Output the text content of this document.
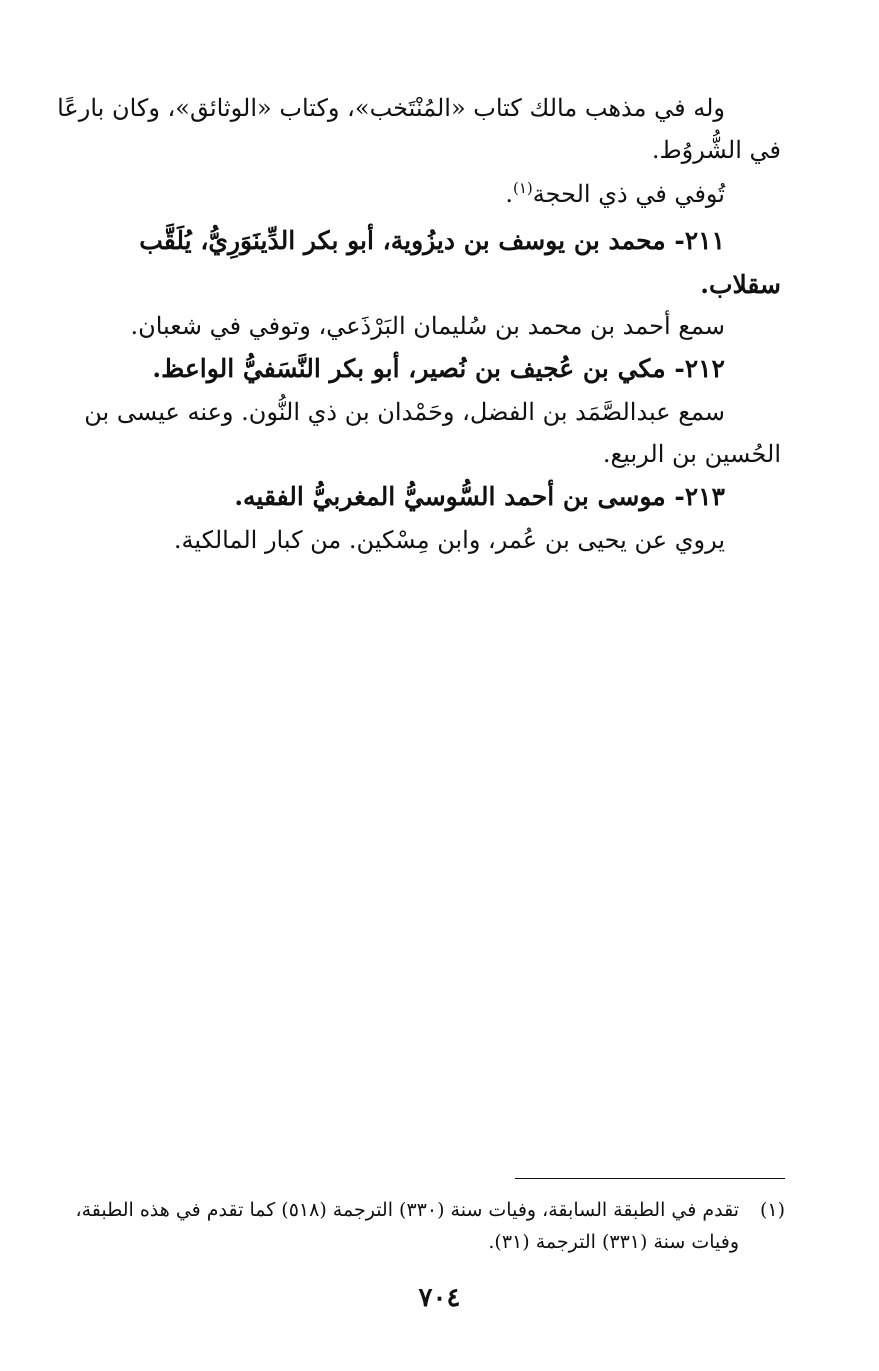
وله في مذهب مالك كتاب «المُنْتَخب»، وكتاب «الوثائق»، وكان بارعًا
في الشُّروُط.
تُوفي في ذي الحجة$^{(١)}$.
٢١١- محمد بن يوسف بن ديزُوية، أبو بكر الدِّينَوَرِيُّ، يُلَقَّب
سقلاب.
سمع أحمد بن محمد بن سُليمان البَرْذَعي، وتوفي في شعبان.
٢١٢- مكي بن عُجيف بن نُصير، أبو بكر النَّسَفيُّ الواعظ.
سمع عبدالصَّمَد بن الفضل، وحَمْدان بن ذي النُّون. وعنه عيسى بن
الحُسين بن الربيع.
٢١٣- موسى بن أحمد السُّوسيُّ المغربيُّ الفقيه.
يروي عن يحيى بن عُمر، وابن مِسْكين. من كبار المالكية.
(١)تقدم في الطبقة السابقة، وفيات سنة (٣٣٠) الترجمة (٥١٨) كما تقدم في هذه الطبقة،
وفيات سنة (٣٣١) الترجمة (٣١).
٧٠٤
